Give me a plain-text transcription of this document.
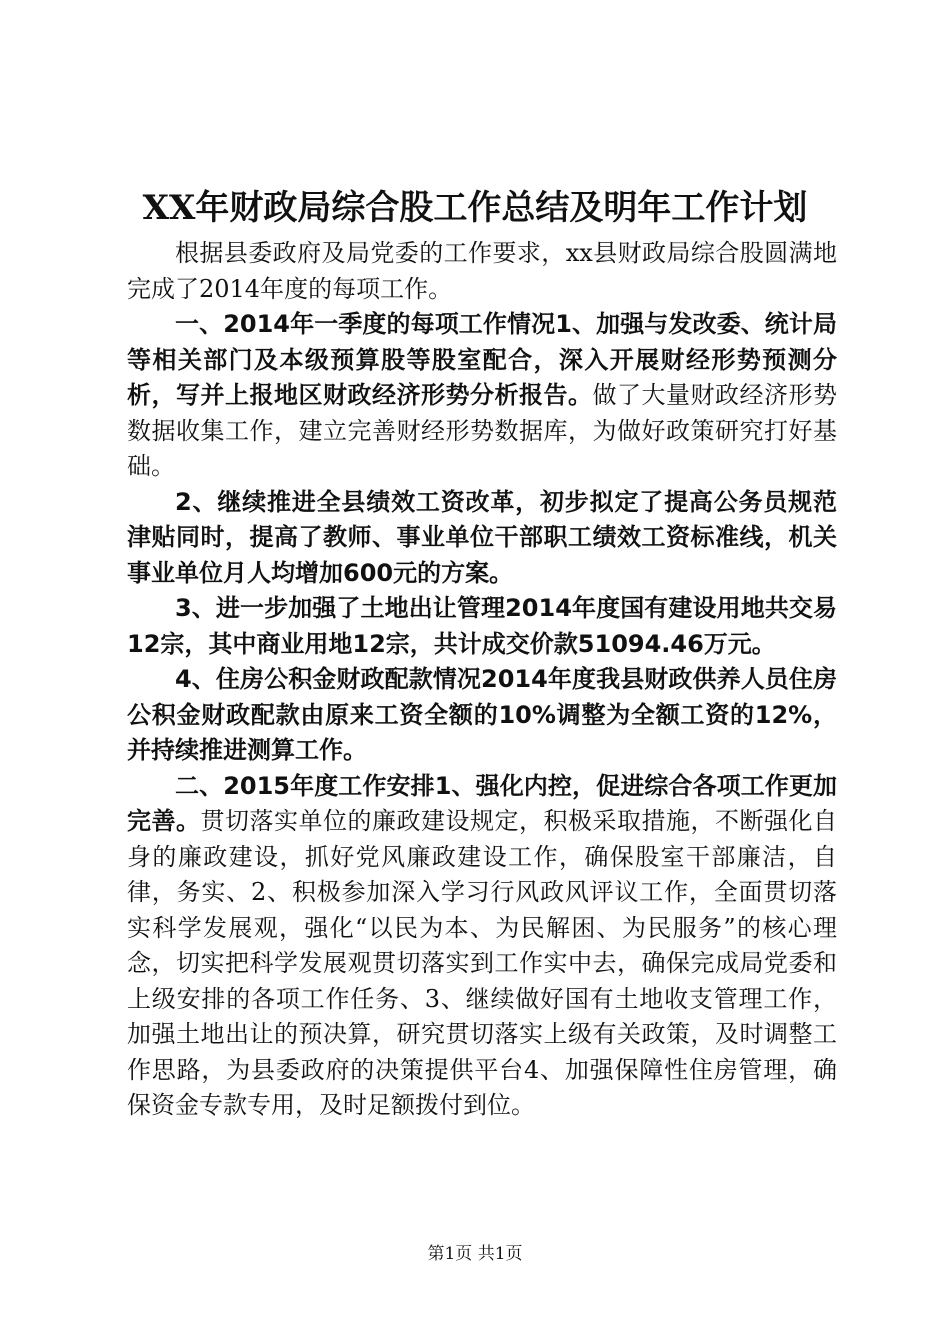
XX年财政局综合股工作总结及明年工作计划

根据县委政府及局党委的工作要求，xx县财政局综合股圆满地完成了2014年度的每项工作。

一、2014年一季度的每项工作情况1、加强与发改委、统计局等相关部门及本级预算股等股室配合，深入开展财经形势预测分析，写并上报地区财政经济形势分析报告。做了大量财政经济形势数据收集工作，建立完善财经形势数据库，为做好政策研究打好基础。

2、继续推进全县绩效工资改革，初步拟定了提高公务员规范津贴同时，提高了教师、事业单位干部职工绩效工资标准线，机关事业单位月人均增加600元的方案。

3、进一步加强了土地出让管理2014年度国有建设用地共交易12宗，其中商业用地12宗，共计成交价款51094.46万元。

4、住房公积金财政配款情况2014年度我县财政供养人员住房公积金财政配款由原来工资全额的10%调整为全额工资的12%，并持续推进测算工作。

二、2015年度工作安排1、强化内控，促进综合各项工作更加完善。贯切落实单位的廉政建设规定，积极采取措施，不断强化自身的廉政建设，抓好党风廉政建设工作，确保股室干部廉洁，自律，务实、2、积极参加深入学习行风政风评议工作，全面贯切落实科学发展观，强化“以民为本、为民解困、为民服务”的核心理念，切实把科学发展观贯切落实到工作实中去，确保完成局党委和上级安排的各项工作任务、3、继续做好国有土地收支管理工作，加强土地出让的预决算，研究贯切落实上级有关政策，及时调整工作思路，为县委政府的决策提供平台4、加强保障性住房管理，确保资金专款专用，及时足额拨付到位。

第1页 共1页
